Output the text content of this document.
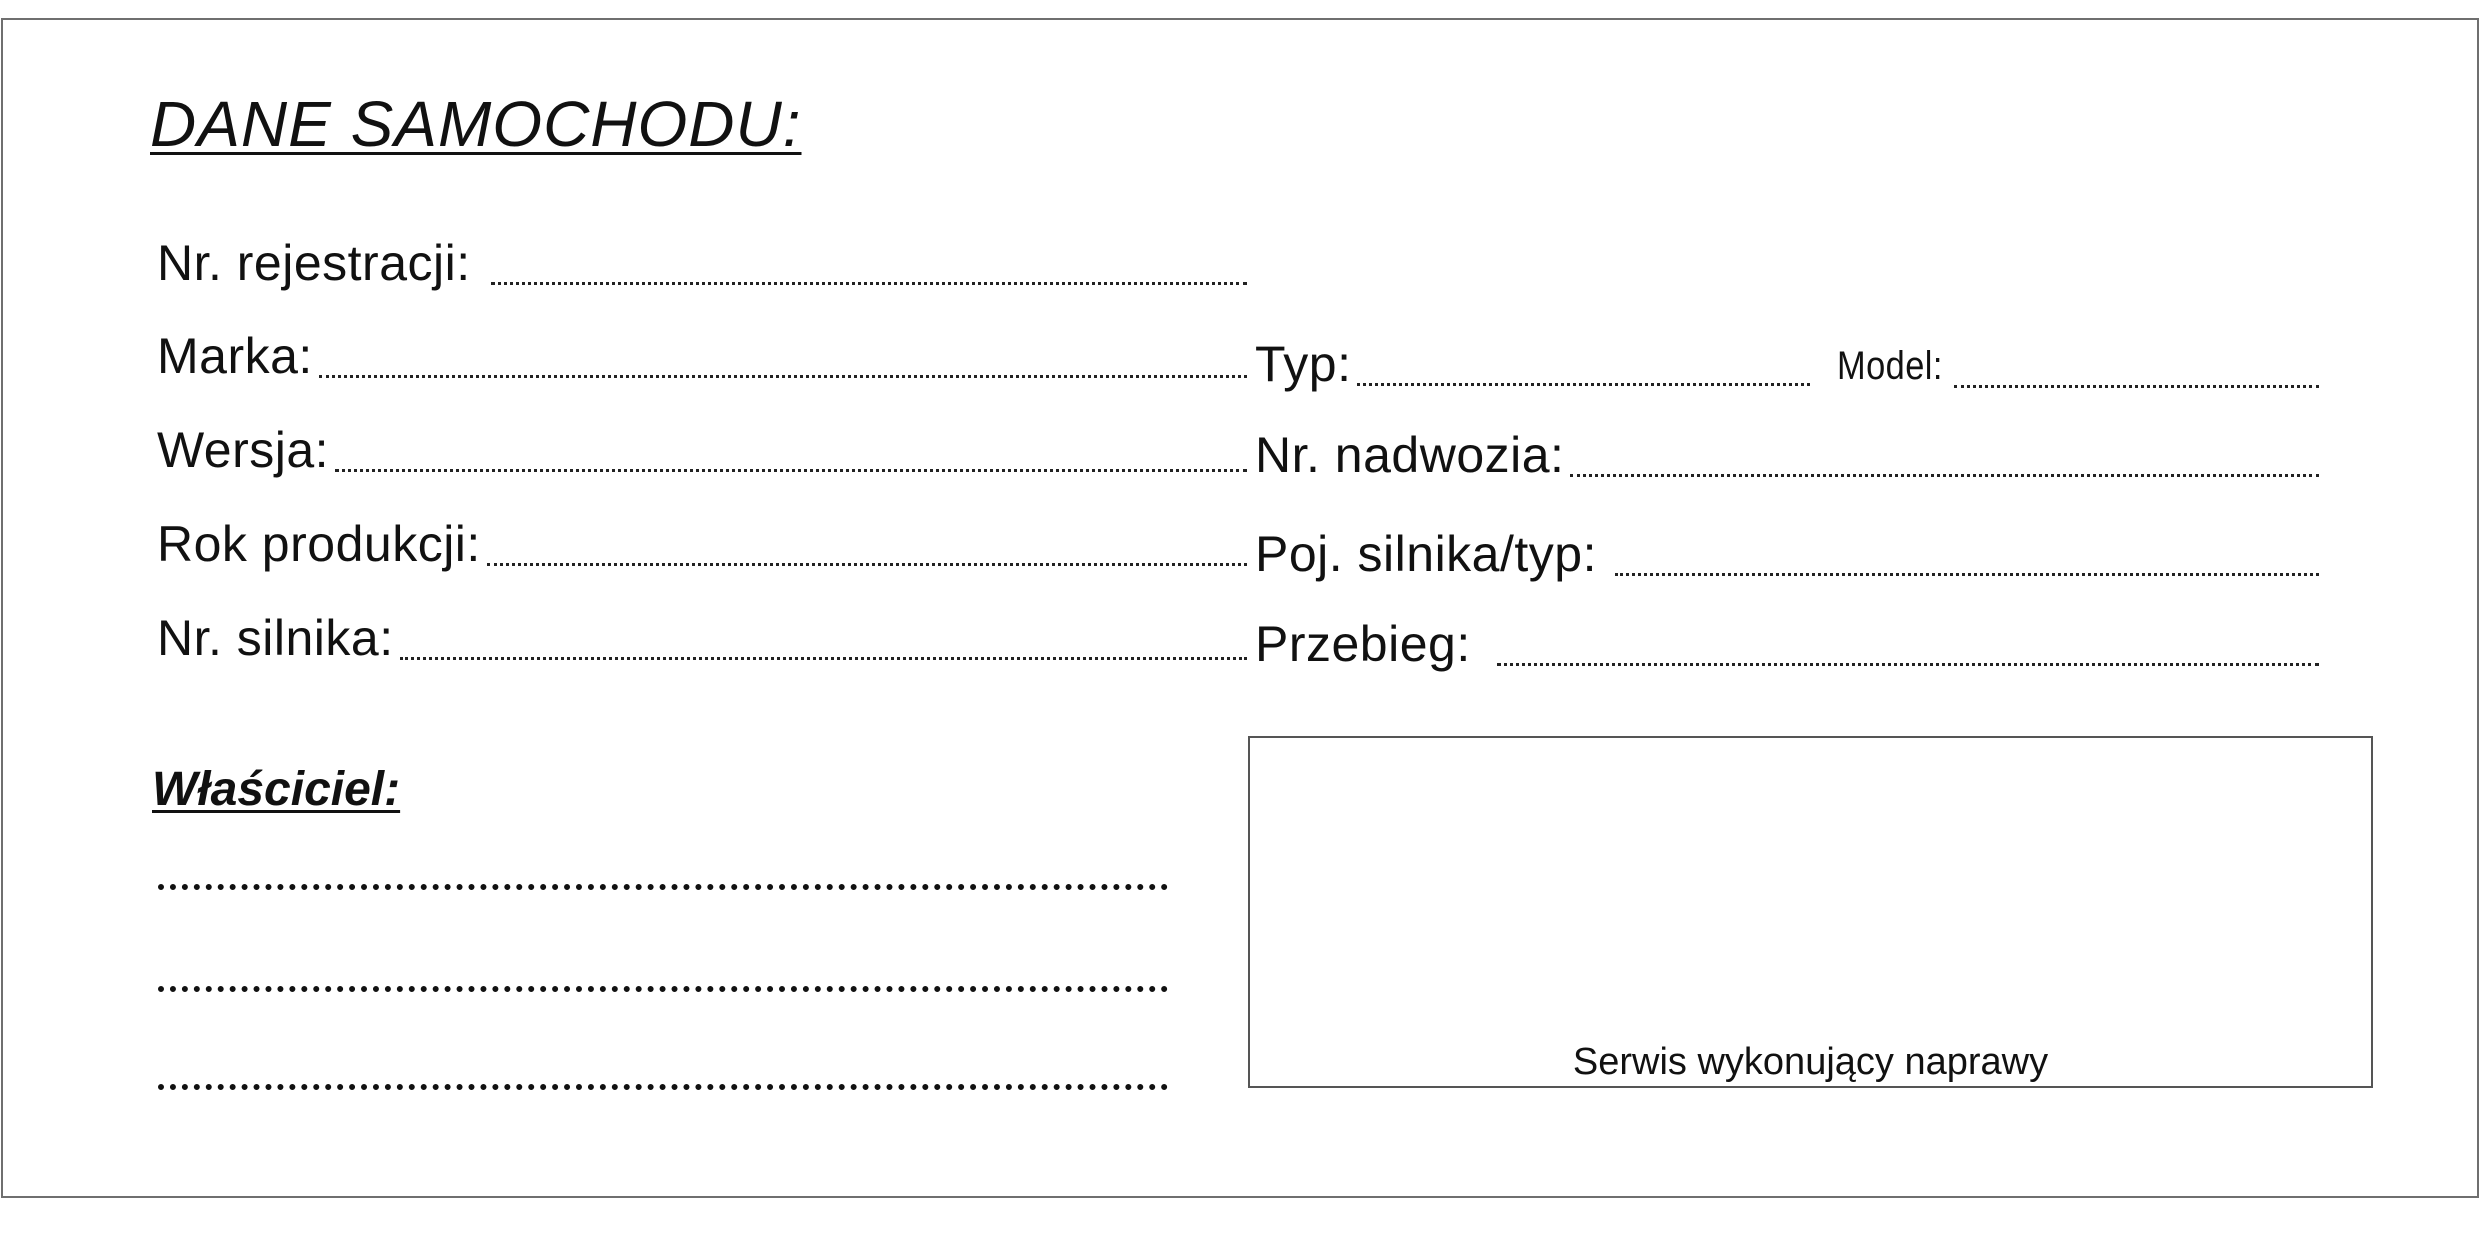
DANE SAMOCHODU:
Nr. rejestracji:
Marka:
Wersja:
Rok produkcji:
Nr. silnika:
Typ:	Model:
Nr. nadwozia:
Poj. silnika/typ:
Przebieg:
Właściciel:
Serwis wykonujący naprawy
